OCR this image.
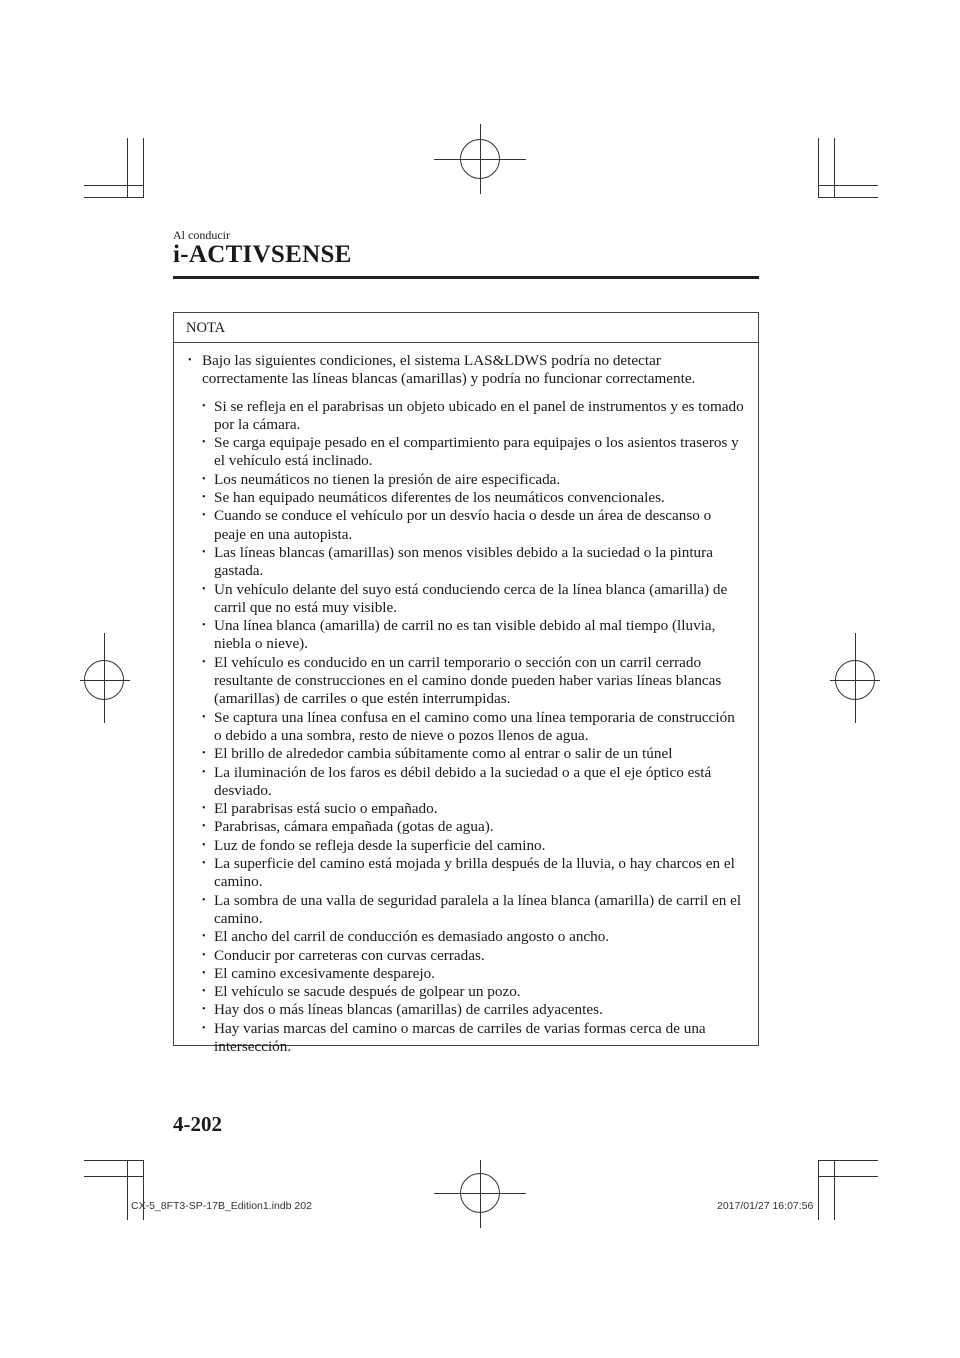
Al conducir
i-ACTIVSENSE
NOTA
• Bajo las siguientes condiciones, el sistema LAS&LDWS podría no detectar correctamente las líneas blancas (amarillas) y podría no funcionar correctamente.
• Si se refleja en el parabrisas un objeto ubicado en el panel de instrumentos y es tomado por la cámara.
• Se carga equipaje pesado en el compartimiento para equipajes o los asientos traseros y el vehículo está inclinado.
• Los neumáticos no tienen la presión de aire especificada.
• Se han equipado neumáticos diferentes de los neumáticos convencionales.
• Cuando se conduce el vehículo por un desvío hacia o desde un área de descanso o peaje en una autopista.
• Las líneas blancas (amarillas) son menos visibles debido a la suciedad o la pintura gastada.
• Un vehículo delante del suyo está conduciendo cerca de la línea blanca (amarilla) de carril que no está muy visible.
• Una línea blanca (amarilla) de carril no es tan visible debido al mal tiempo (lluvia, niebla o nieve).
• El vehículo es conducido en un carril temporario o sección con un carril cerrado resultante de construcciones en el camino donde pueden haber varias líneas blancas (amarillas) de carriles o que estén interrumpidas.
• Se captura una línea confusa en el camino como una línea temporaria de construcción o debido a una sombra, resto de nieve o pozos llenos de agua.
• El brillo de alrededor cambia súbitamente como al entrar o salir de un túnel
• La iluminación de los faros es débil debido a la suciedad o a que el eje óptico está desviado.
• El parabrisas está sucio o empañado.
• Parabrisas, cámara empañada (gotas de agua).
• Luz de fondo se refleja desde la superficie del camino.
• La superficie del camino está mojada y brilla después de la lluvia, o hay charcos en el camino.
• La sombra de una valla de seguridad paralela a la línea blanca (amarilla) de carril en el camino.
• El ancho del carril de conducción es demasiado angosto o ancho.
• Conducir por carreteras con curvas cerradas.
• El camino excesivamente desparejo.
• El vehículo se sacude después de golpear un pozo.
• Hay dos o más líneas blancas (amarillas) de carriles adyacentes.
• Hay varias marcas del camino o marcas de carriles de varias formas cerca de una intersección.
4-202
CX-5_8FT3-SP-17B_Edition1.indb 202	2017/01/27 16:07:56
